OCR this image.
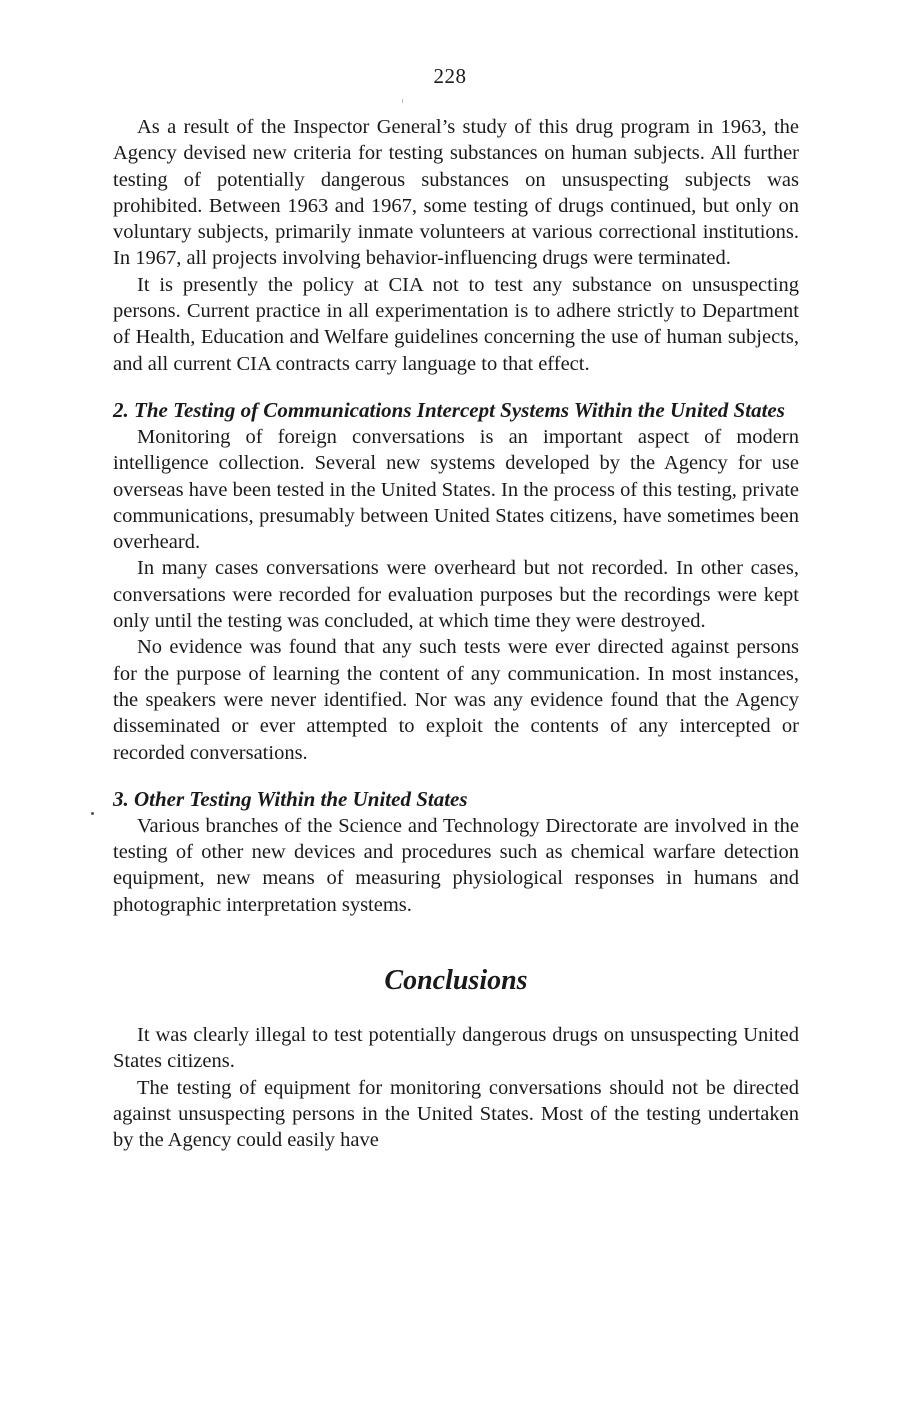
228

As a result of the Inspector General’s study of this drug program in 1963, the Agency devised new criteria for testing substances on human subjects. All further testing of potentially dangerous substances on unsuspecting subjects was prohibited. Between 1963 and 1967, some testing of drugs continued, but only on voluntary subjects, primarily inmate volunteers at various correctional institutions. In 1967, all projects involving behavior-influencing drugs were terminated.

It is presently the policy at CIA not to test any substance on unsuspecting persons. Current practice in all experimentation is to adhere strictly to Department of Health, Education and Welfare guidelines concerning the use of human subjects, and all current CIA contracts carry language to that effect.

2. The Testing of Communications Intercept Systems Within the United States

Monitoring of foreign conversations is an important aspect of modern intelligence collection. Several new systems developed by the Agency for use overseas have been tested in the United States. In the process of this testing, private communications, presumably between United States citizens, have sometimes been overheard.

In many cases conversations were overheard but not recorded. In other cases, conversations were recorded for evaluation purposes but the recordings were kept only until the testing was concluded, at which time they were destroyed.

No evidence was found that any such tests were ever directed against persons for the purpose of learning the content of any communication. In most instances, the speakers were never identified. Nor was any evidence found that the Agency disseminated or ever attempted to exploit the contents of any intercepted or recorded conversations.

3. Other Testing Within the United States

Various branches of the Science and Technology Directorate are involved in the testing of other new devices and procedures such as chemical warfare detection equipment, new means of measuring physiological responses in humans and photographic interpretation systems.

Conclusions

It was clearly illegal to test potentially dangerous drugs on unsuspecting United States citizens.

The testing of equipment for monitoring conversations should not be directed against unsuspecting persons in the United States. Most of the testing undertaken by the Agency could easily have
